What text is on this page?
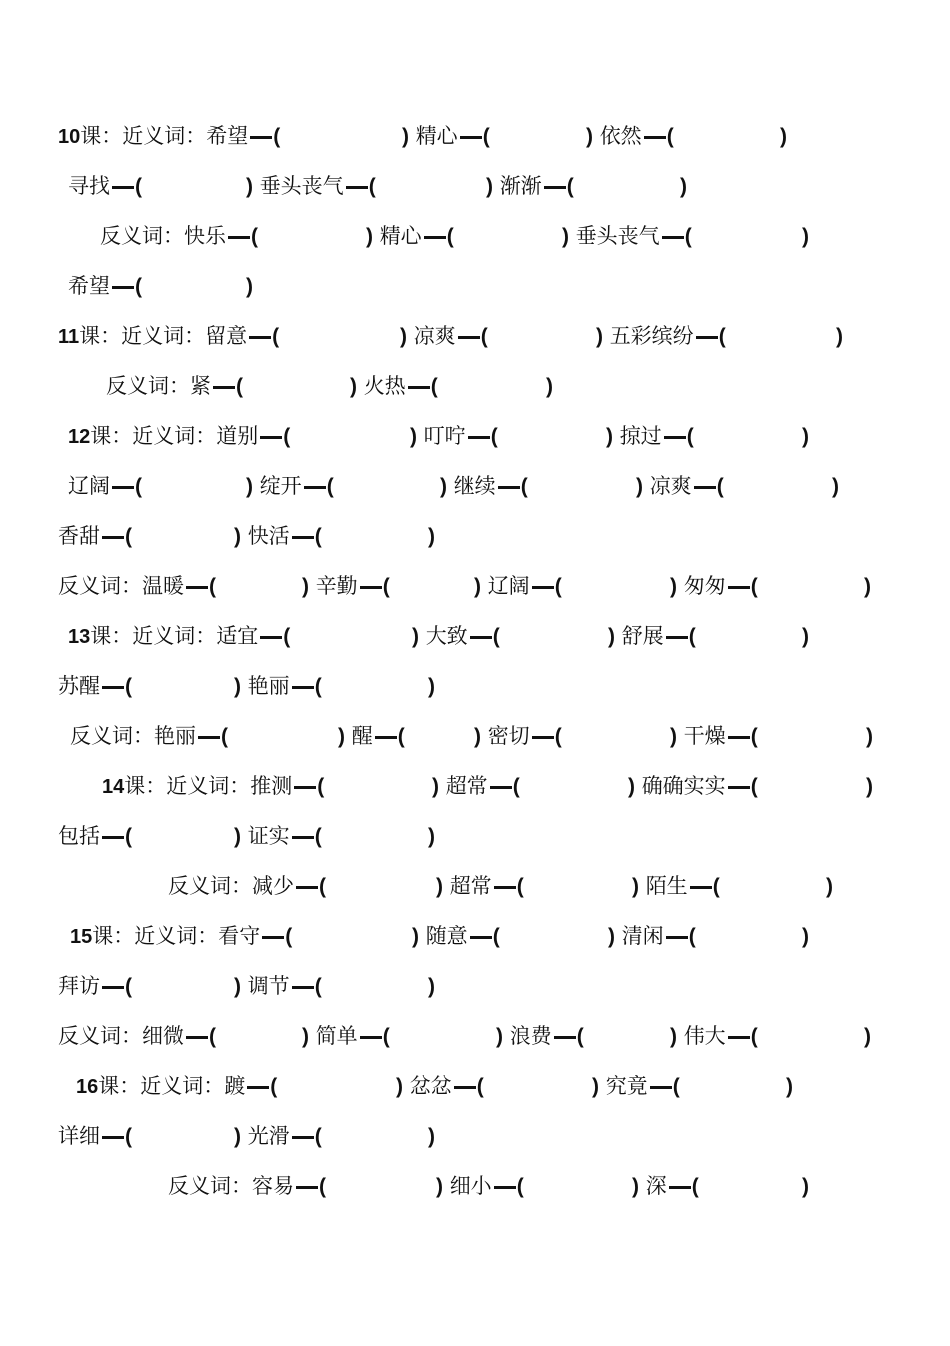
10课：近义词：希望 (	) 精心 (	) 依然 (	)
寻找 (	) 垂头丧气 (	) 渐渐 (	)
反义词：快乐 (	) 精心 (	) 垂头丧气 (	)
希望 (	)
11课：近义词：留意 (	) 凉爽 (	) 五彩缤纷 (	)
反义词：紧 (	) 火热 (	)
12课：近义词：道别 (	) 叮咛 (	) 掠过 (	)
辽阔 (	) 绽开 (	) 继续 (	) 凉爽 (	)
香甜 (	) 快活 (	)
反义词：温暖 (	) 辛勤 (	) 辽阔 (	) 匆匆 (	)
13课：近义词：适宜 (	) 大致 (	) 舒展 (	)
苏醒 (	) 艳丽 (	)
反义词：艳丽 (	) 醒 (	) 密切 (	) 干燥 (	)
14课：近义词：推测 (	) 超常 (	) 确确实实 (	)
包括 (	) 证实 (	)
反义词：减少 (	) 超常 (	) 陌生 (	)
15课：近义词：看守 (	) 随意 (	) 清闲 (	)
拜访 (	) 调节 (	)
反义词：细微 (	) 简单 (	) 浪费 (	) 伟大 (	)
16课：近义词：踱 (	) 忿忿 (	) 究竟 (	)
详细 (	) 光滑 (	)
反义词：容易 (	) 细小 (	) 深 (	)
